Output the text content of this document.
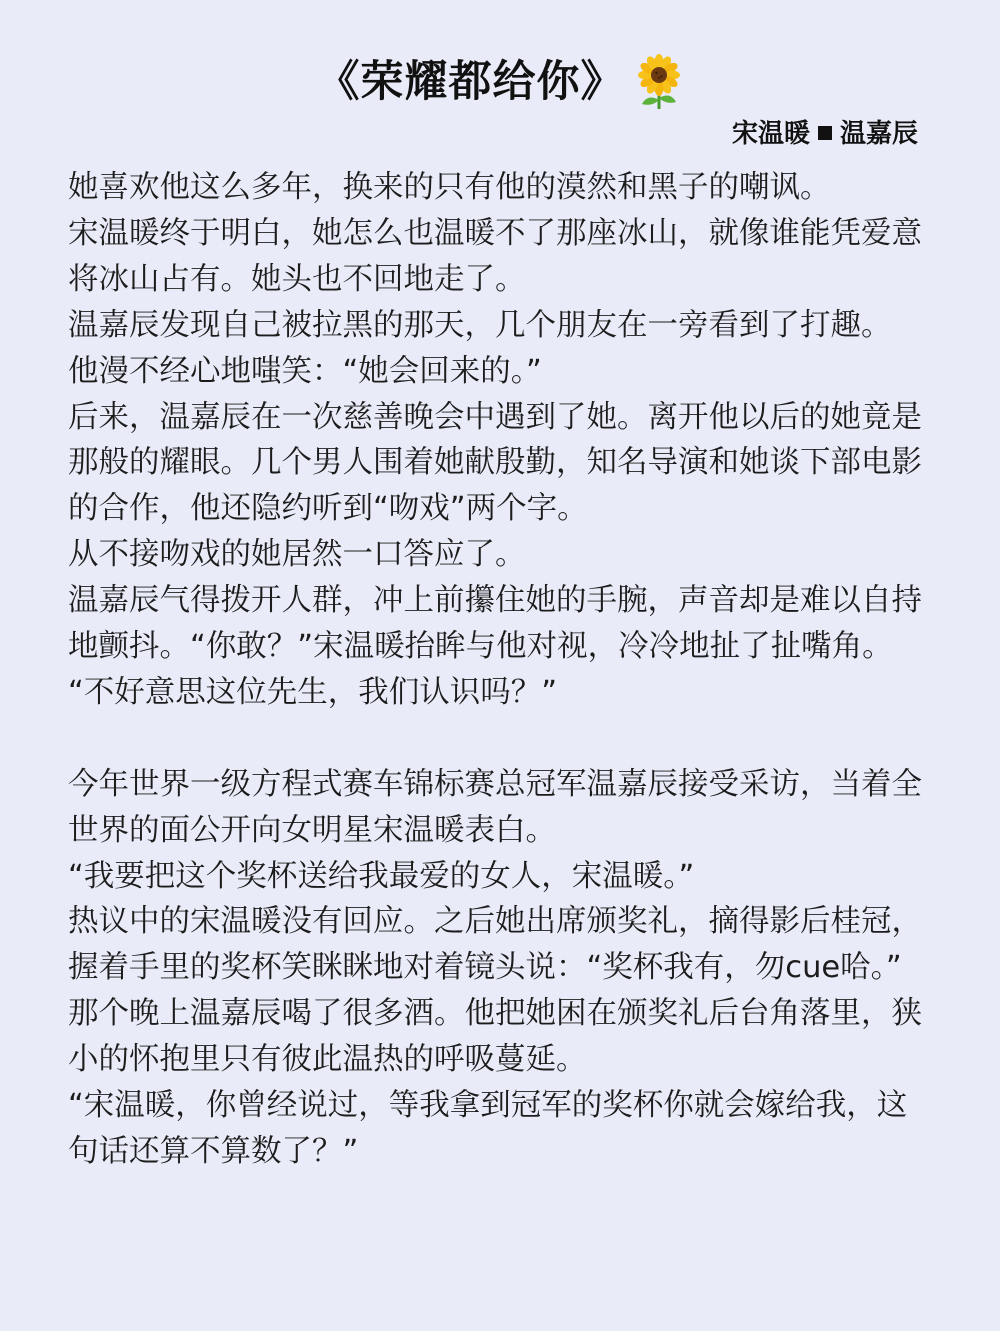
《荣耀都给你》
宋温暖 温嘉辰

她喜欢他这么多年，换来的只有他的漠然和黑子的嘲讽。

宋温暖终于明白，她怎么也温暖不了那座冰山，就像谁能凭爱意将冰山占有。她头也不回地走了。

温嘉辰发现自己被拉黑的那天，几个朋友在一旁看到了打趣。

他漫不经心地嗤笑：“她会回来的。”

后来，温嘉辰在一次慈善晚会中遇到了她。离开他以后的她竟是那般的耀眼。几个男人围着她献殷勤，知名导演和她谈下部电影的合作，他还隐约听到“吻戏”两个字。

从不接吻戏的她居然一口答应了。

温嘉辰气得拨开人群，冲上前攥住她的手腕，声音却是难以自持地颤抖。“你敢？”宋温暖抬眸与他对视，冷冷地扯了扯嘴角。

“不好意思这位先生，我们认识吗？”

今年世界一级方程式赛车锦标赛总冠军温嘉辰接受采访，当着全世界的面公开向女明星宋温暖表白。

“我要把这个奖杯送给我最爱的女人，宋温暖。”

热议中的宋温暖没有回应。之后她出席颁奖礼，摘得影后桂冠，握着手里的奖杯笑眯眯地对着镜头说：“奖杯我有，勿cue哈。”

那个晚上温嘉辰喝了很多酒。他把她困在颁奖礼后台角落里，狭小的怀抱里只有彼此温热的呼吸蔓延。

“宋温暖，你曾经说过，等我拿到冠军的奖杯你就会嫁给我，这句话还算不算数了？”
